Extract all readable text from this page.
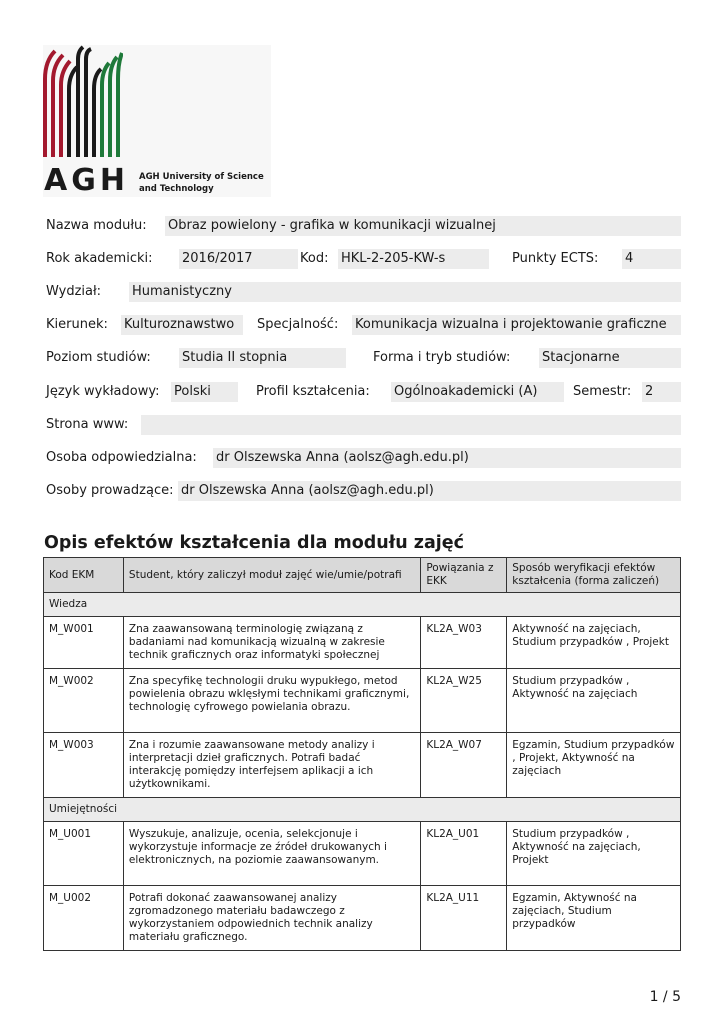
AGH AGH University of Science
and Technology
Nazwa modułu: Obraz powielony - grafika w komunikacji wizualnej
Rok akademicki: 2016/2017	Kod: HKL-2-205-KW-s	Punkty ECTS: 4
Wydział: Humanistyczny
Kierunek: Kulturoznawstwo	Specjalność: Komunikacja wizualna i projektowanie graficzne
Poziom studiów: Studia II stopnia	Forma i tryb studiów: Stacjonarne
Język wykładowy: Polski	Profil kształcenia: Ogólnoakademicki (A)	Semestr: 2
Strona www:
Osoba odpowiedzialna: dr Olszewska Anna (aolsz@agh.edu.pl)
Osoby prowadzące: dr Olszewska Anna (aolsz@agh.edu.pl)
Opis efektów kształcenia dla modułu zajęć
Kod EKM	Student, który zaliczył moduł zajęć wie/umie/potrafi	Powiązania z EKK	Sposób weryfikacji efektów kształcenia (forma zaliczeń)
Wiedza			
M_W001	Zna zaawansowaną terminologię związaną z badaniami nad komunikacją wizualną w zakresie technik graficznych oraz informatyki społecznej	KL2A_W03	Aktywność na zajęciach, Studium przypadków , Projekt
M_W002	Zna specyfikę technologii druku wypukłego, metod powielenia obrazu wklęsłymi technikami graficznymi, technologię cyfrowego powielania obrazu.	KL2A_W25	Studium przypadków , Aktywność na zajęciach
M_W003	Zna i rozumie zaawansowane metody analizy i interpretacji dzieł graficznych. Potrafi badać interakcję pomiędzy interfejsem aplikacji a ich użytkownikami.	KL2A_W07	Egzamin, Studium przypadków , Projekt, Aktywność na zajęciach
Umiejętności			
M_U001	Wyszukuje, analizuje, ocenia, selekcjonuje i wykorzystuje informacje ze źródeł drukowanych i elektronicznych, na poziomie zaawansowanym.	KL2A_U01	Studium przypadków , Aktywność na zajęciach, Projekt
M_U002	Potrafi dokonać zaawansowanej analizy zgromadzonego materiału badawczego z wykorzystaniem odpowiednich technik analizy materiału graficznego.	KL2A_U11	Egzamin, Aktywność na zajęciach, Studium przypadków
1 / 5
